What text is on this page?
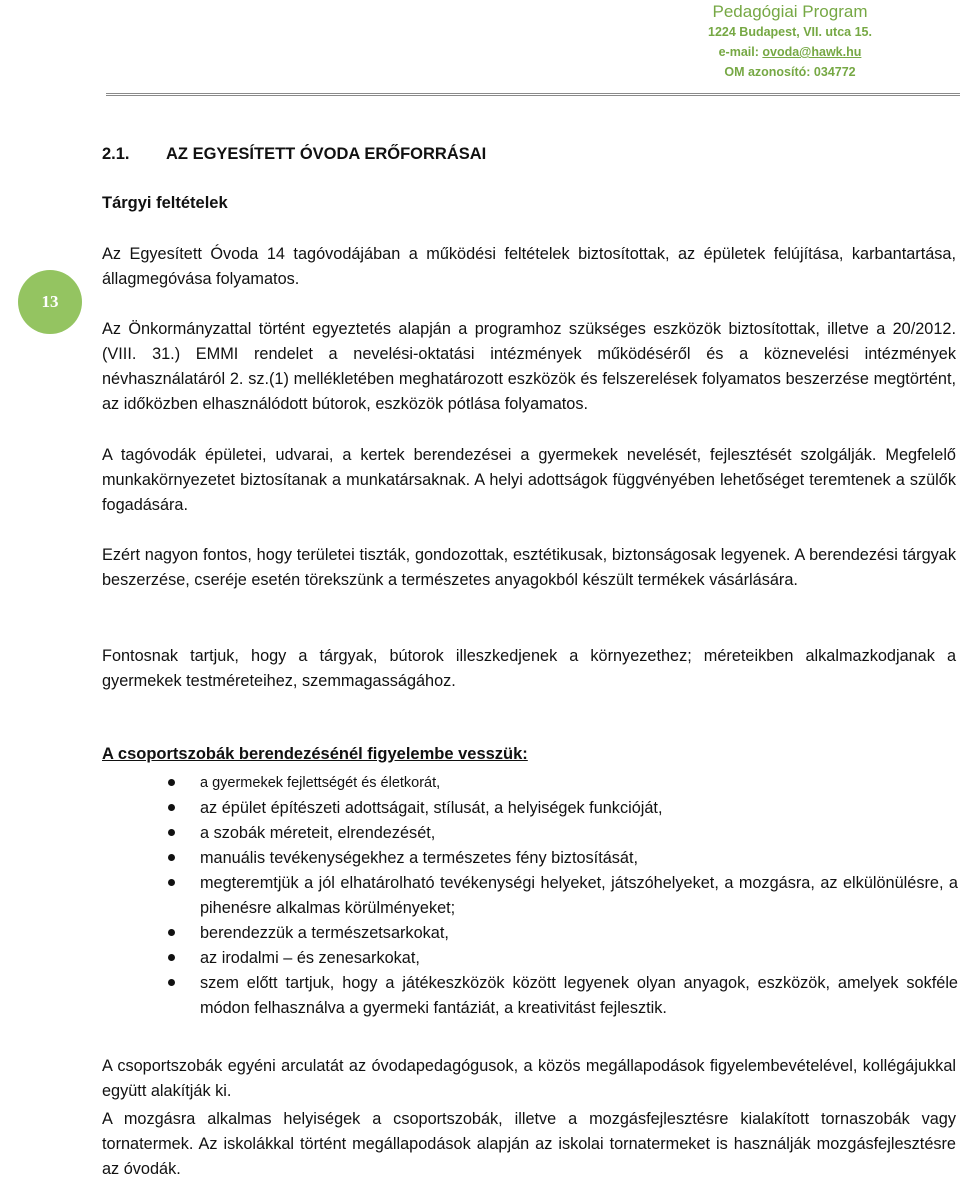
Pedagógiai Program
1224 Budapest, VII. utca 15.
e-mail: ovoda@hawk.hu
OM azonosító: 034772
13
2.1.	AZ EGYESÍTETT ÓVODA ERŐFORRÁSAI
Tárgyi feltételek

Az Egyesített Óvoda 14 tagóvodájában a működési feltételek biztosítottak, az épületek felújítása, karbantartása, állagmegóvása folyamatos.

Az Önkormányzattal történt egyeztetés alapján a programhoz szükséges eszközök biztosítottak, illetve a 20/2012. (VIII. 31.) EMMI rendelet a nevelési-oktatási intézmények működéséről és a köznevelési intézmények névhasználatáról 2. sz.(1) mellékletében meghatározott eszközök és felszerelések folyamatos beszerzése megtörtént, az időközben elhasználódott bútorok, eszközök pótlása folyamatos.

A tagóvodák épületei, udvarai, a kertek berendezései a gyermekek nevelését, fejlesztését szolgálják. Megfelelő munkakörnyezetet biztosítanak a munkatársaknak. A helyi adottságok függvényében lehetőséget teremtenek a szülők fogadására.

Ezért nagyon fontos, hogy területei tiszták, gondozottak, esztétikusak, biztonságosak legyenek. A berendezési tárgyak beszerzése, cseréje esetén törekszünk a természetes anyagokból készült termékek vásárlására.

Fontosnak tartjuk, hogy a tárgyak, bútorok illeszkedjenek a környezethez; méreteikben alkalmazkodjanak a gyermekek testméreteihez, szemmagasságához.

A csoportszobák berendezésénél figyelembe vesszük:
a gyermekek fejlettségét és életkorát,
az épület építészeti adottságait, stílusát, a helyiségek funkcióját,
a szobák méreteit, elrendezését,
manuális tevékenységekhez a természetes fény biztosítását,
megteremtjük a jól elhatárolható tevékenységi helyeket, játszóhelyeket, a mozgásra, az elkülönülésre, a pihenésre alkalmas körülményeket;
berendezzük a természetsarkokat,
az irodalmi – és zenesarkokat,
szem előtt tartjuk, hogy a játékeszközök között legyenek olyan anyagok, eszközök, amelyek sokféle módon felhasználva a gyermeki fantáziát, a kreativitást fejlesztik.

A csoportszobák egyéni arculatát az óvodapedagógusok, a közös megállapodások figyelembevételével, kollégájukkal együtt alakítják ki.

A mozgásra alkalmas helyiségek a csoportszobák, illetve a mozgásfejlesztésre kialakított tornaszobák vagy tornatermek. Az iskolákkal történt megállapodások alapján az iskolai tornatermeket is használják mozgásfejlesztésre az óvodák.
